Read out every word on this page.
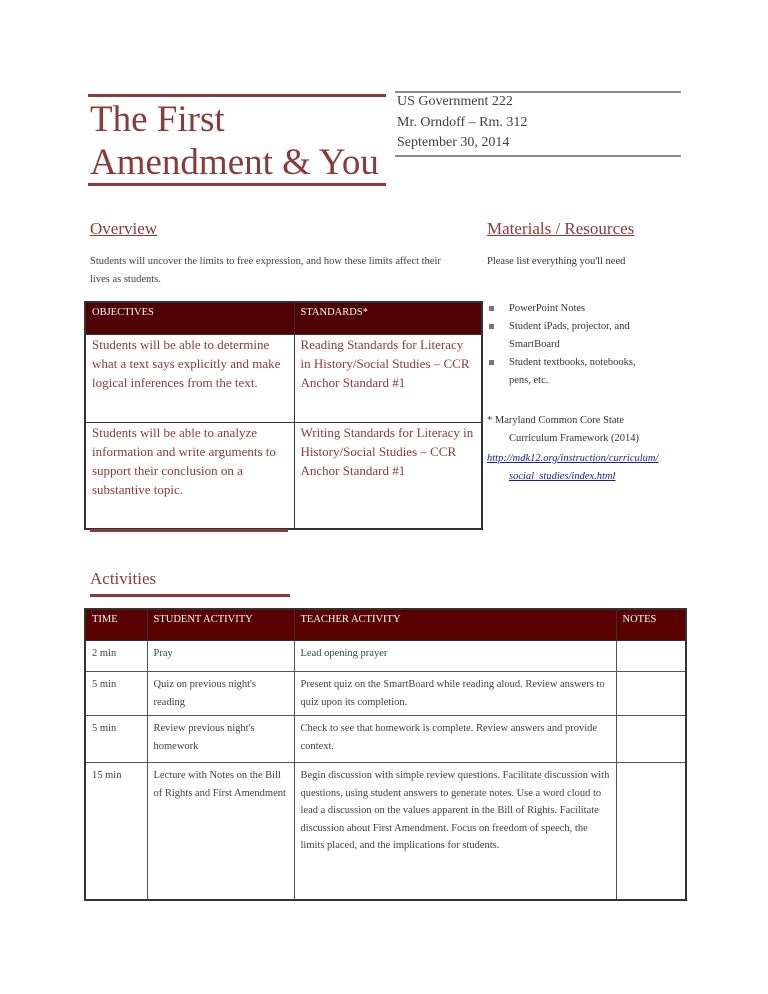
The First
Amendment & You
US Government 222
Mr. Orndoff – Rm. 312
September 30, 2014
Overview
Students will uncover the limits to free expression, and how these limits affect their lives as students.
OBJECTIVES	STANDARDS*
Students will be able to determine what a text says explicitly and make logical inferences from the text.	Reading Standards for Literacy in History/Social Studies – CCR Anchor Standard #1
Students will be able to analyze information and write arguments to support their conclusion on a substantive topic.	Writing Standards for Literacy in History/Social Studies – CCR Anchor Standard #1
Materials / Resources
Please list everything you'll need
PowerPoint Notes
Student iPads, projector, and SmartBoard
Student textbooks, notebooks, pens, etc.
* Maryland Common Core State Curriculum Framework (2014)
http://mdk12.org/instruction/curriculum/social_studies/index.html
Activities
TIME	STUDENT ACTIVITY	TEACHER ACTIVITY	NOTES
2 min	Pray	Lead opening prayer	
5 min	Quiz on previous night's reading	Present quiz on the SmartBoard while reading aloud. Review answers to quiz upon its completion.	
5 min	Review previous night's homework	Check to see that homework is complete. Review answers and provide context.	
15 min	Lecture with Notes on the Bill of Rights and First Amendment	Begin discussion with simple review questions. Facilitate discussion with questions, using student answers to generate notes. Use a word cloud to lead a discussion on the values apparent in the Bill of Rights. Facilitate discussion about First Amendment. Focus on freedom of speech, the limits placed, and the implications for students.	
